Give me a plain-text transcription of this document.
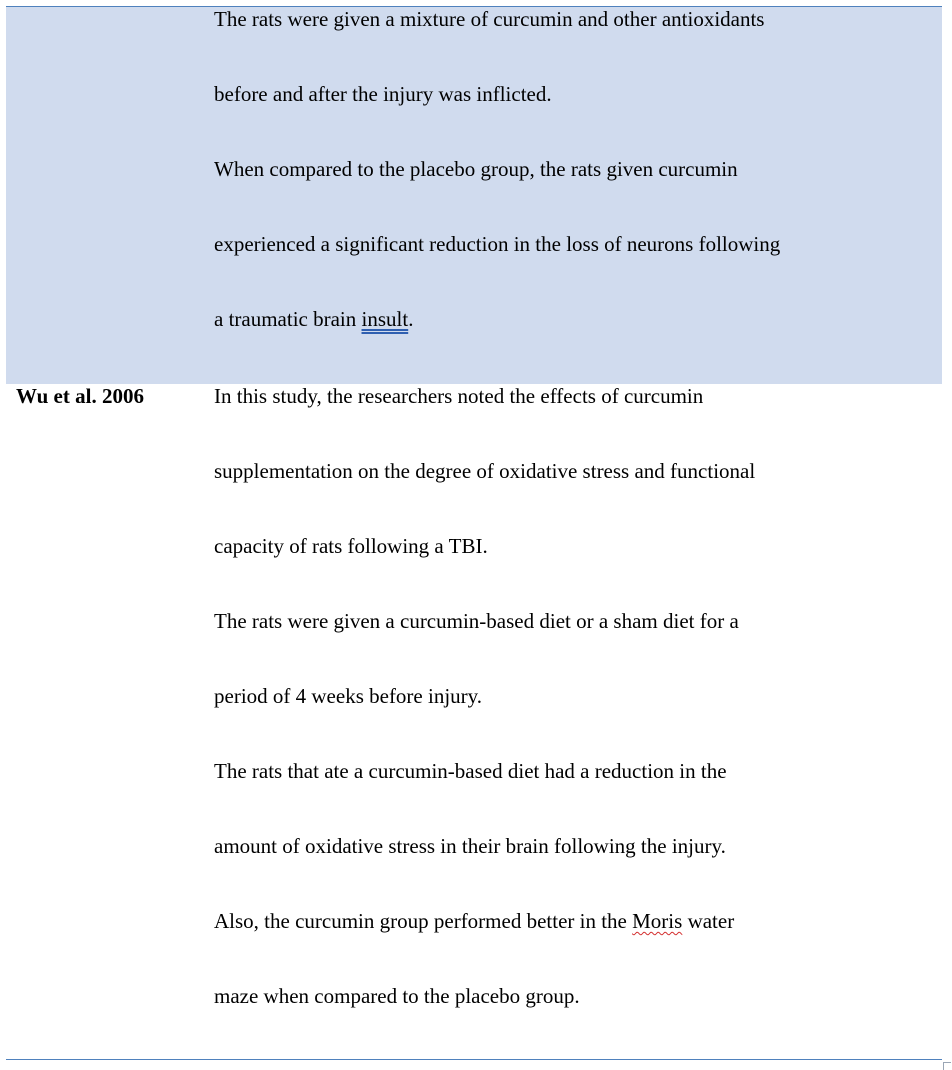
The rats were given a mixture of curcumin and other antioxidants
before and after the injury was inflicted.
When compared to the placebo group, the rats given curcumin
experienced a significant reduction in the loss of neurons following
a traumatic brain insult.
Wu et al. 2006	In this study, the researchers noted the effects of curcumin
supplementation on the degree of oxidative stress and functional
capacity of rats following a TBI.
The rats were given a curcumin-based diet or a sham diet for a
period of 4 weeks before injury.
The rats that ate a curcumin-based diet had a reduction in the
amount of oxidative stress in their brain following the injury.
Also, the curcumin group performed better in the Moris water
maze when compared to the placebo group.
